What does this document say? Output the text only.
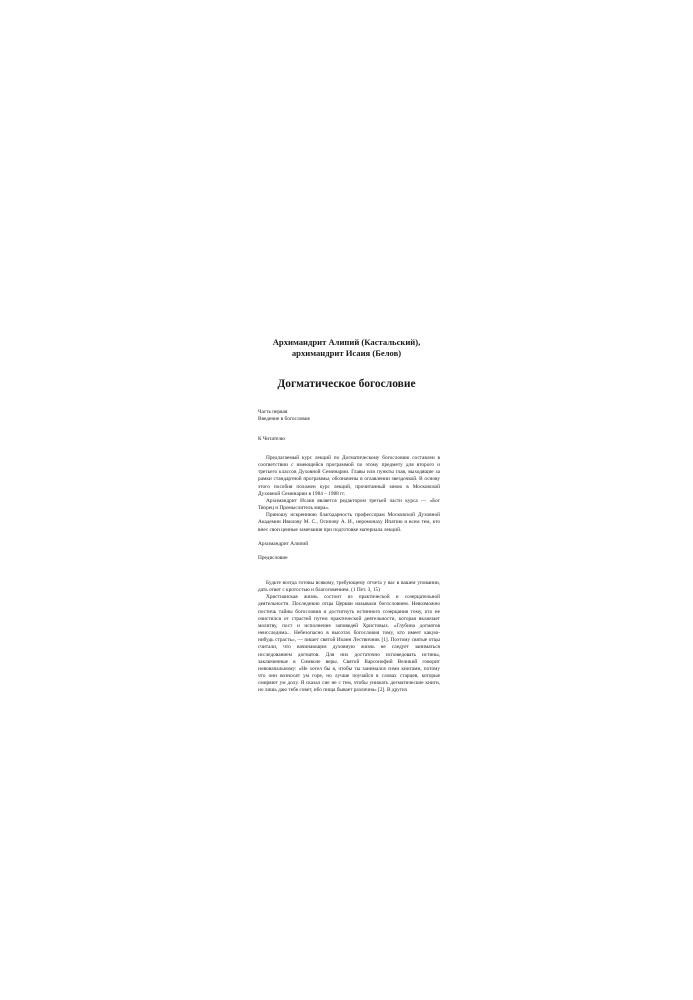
Архимандрит Алипий (Кастальский),
архимандрит Исаия (Белов)
Догматическое богословие
Часть первая
Введение в богословие
К Читателю

Предлагаемый курс лекций по Догматическому богословию составлен в соответствии с имеющейся программой по этому предмету для второго и третьего классов Духовной Семинарии. Главы или пункты глав, выходящие за рамки стандартной программы, обозначены в оглавлении звездочкой. В основу этого пособия положен курс лекций, прочитанный мною в Московской Духовной Семинарии в 1984 – 1988 гг.

Архимандрит Исаия является редактором третьей части курса — «Бог Творец и Промыслитель мира».

Приношу искреннюю благодарность профессорам Московской Духовной Академии Ивилову М. С., Осипову А. И., иеромонаху Ипатию и всем тем, кто внес свои ценные замечания при подготовке материала лекций.

Архимандрит Алипий
Предисловие

Будьте всегда готовы всякому, требующему отчета у вас в вашем уповании, дать ответ с кротостью и благоговением. (1 Пет. 3, 15)

Христианская жизнь состоит из практической и созерцательной деятельности. Последнюю отцы Церкви называли богословием. Невозможно постичь тайны богословия и достигнуть истинного созерцания тому, кто не очистился от страстей путем практической деятельности, которая включает молитву, пост и исполнение заповедей Христовых. «Глубина догматов неисследима... Небезопасно в высотах богословия тому, кто имеет какую-нибудь страсть», — пишет святой Иоанн Лествичник [1]. Поэтому святые отцы считали, что начинающим духовную жизнь не следует заниматься исследованием догматов. Для них достаточно исповедовать истины, заключенные в Символе веры. Святой Варсонофий Великий говорит новоначальному: «Не хотел бы я, чтобы ты занимался сими книгами, потому что они возносят ум горе, но лучше поучайся в словах старцев, которые смиряют ум долу. Я сказал сие не с тем, чтобы унижать догматические книги, но лишь даю тебе совет, ибо пища бывает различна» [2]. В других
